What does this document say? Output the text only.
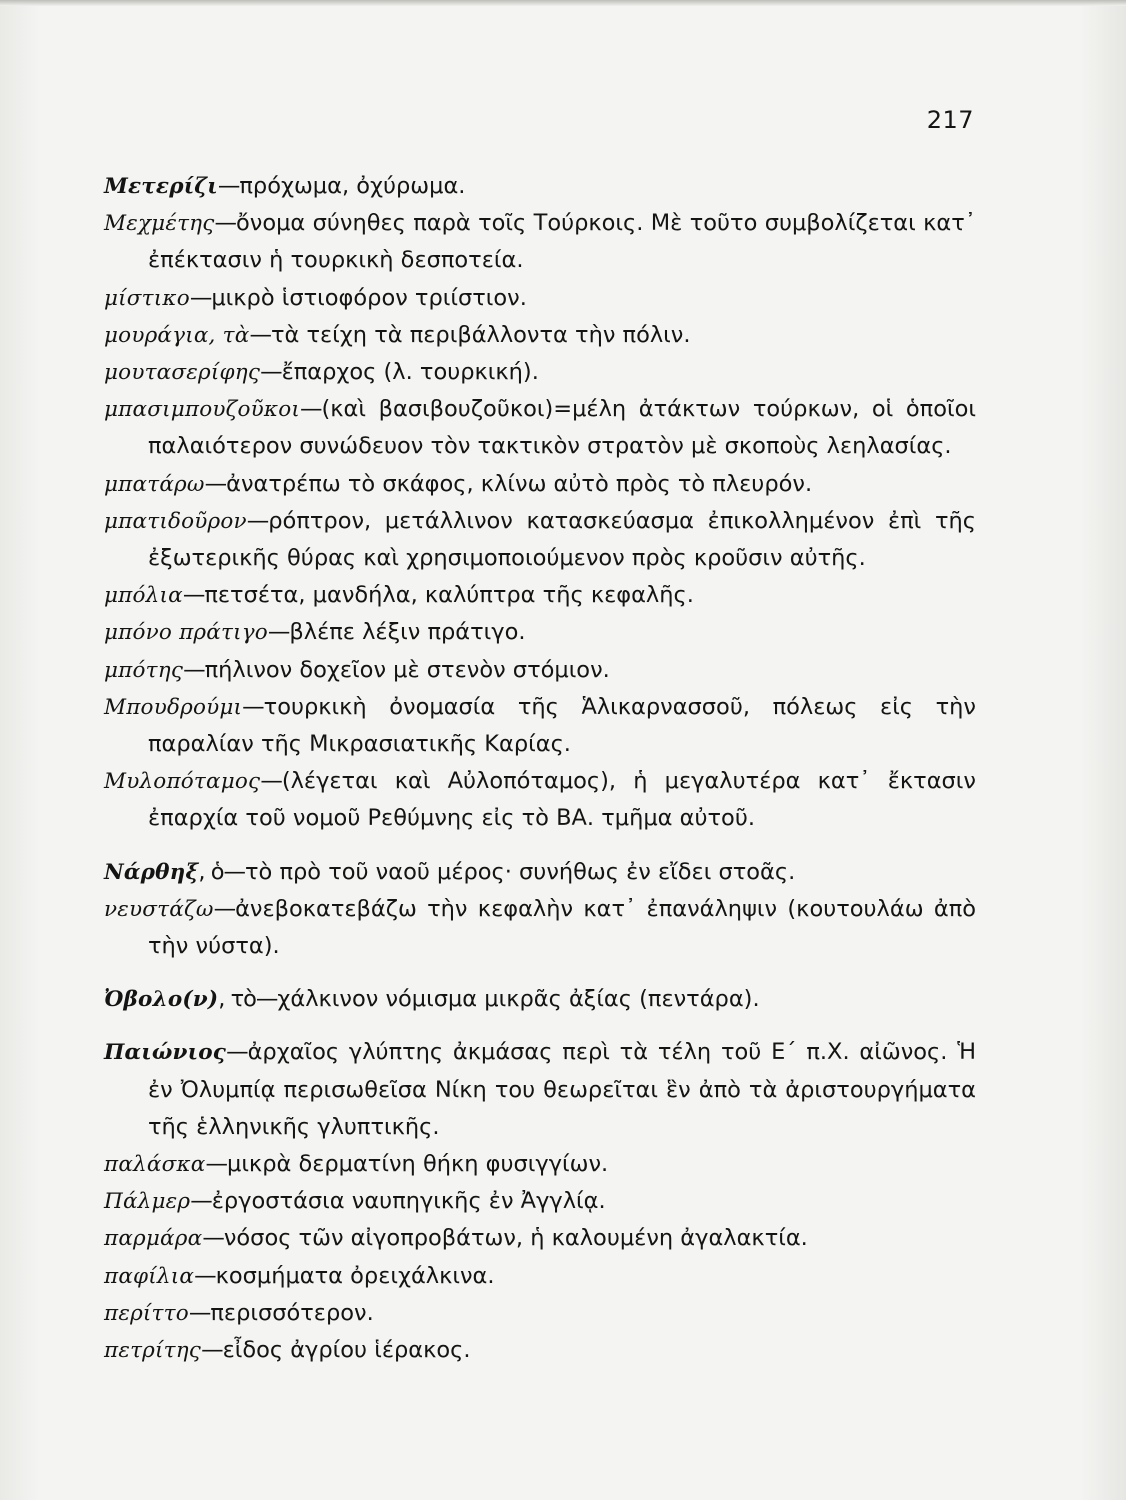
217
Μετερίζι—πρόχωμα, ὀχύρωμα.
Μεχμέτης—ὄνομα σύνηθες παρὰ τοῖς Τούρκοις. Μὲ τοῦτο συμβολίζεται κατ᾿ ἐπέκτασιν ἡ τουρκικὴ δεσποτεία.
μίστικο—μικρὸ ἱστιοφόρον τριίστιον.
μουράγια, τὰ—τὰ τείχη τὰ περιβάλλοντα τὴν πόλιν.
μουτασερίφης—ἔπαρχος (λ. τουρκική).
μπασιμπουζοῦκοι—(καὶ βασιβουζοῦκοι)=μέλη ἀτάκτων τούρκων, οἱ ὁποῖοι παλαιότερον συνώδευον τὸν τακτικὸν στρατὸν μὲ σκοποὺς λεηλασίας.
μπατάρω—ἀνατρέπω τὸ σκάφος, κλίνω αὐτὸ πρὸς τὸ πλευρόν.
μπατιδοῦρον—ρόπτρον, μετάλλινον κατασκεύασμα ἐπικολλημένον ἐπὶ τῆς ἐξωτερικῆς θύρας καὶ χρησιμοποιούμενον πρὸς κροῦσιν αὐτῆς.
μπόλια—πετσέτα, μανδήλα, καλύπτρα τῆς κεφαλῆς.
μπόνο πράτιγο—βλέπε λέξιν πράτιγο.
μπότης—πήλινον δοχεῖον μὲ στενὸν στόμιον.
Μπουδρούμι—τουρκικὴ ὀνομασία τῆς Ἁλικαρνασσοῦ, πόλεως εἰς τὴν παραλίαν τῆς Μικρασιατικῆς Καρίας.
Μυλοπόταμος—(λέγεται καὶ Αὐλοπόταμος), ἡ μεγαλυτέρα κατ᾿ ἔκτασιν ἐπαρχία τοῦ νομοῦ Ρεθύμνης εἰς τὸ ΒΑ. τμῆμα αὐτοῦ.
Νάρθηξ, ὁ—τὸ πρὸ τοῦ ναοῦ μέρος· συνήθως ἐν εἴδει στοᾶς.
νευστάζω—ἀνεβοκατεβάζω τὴν κεφαλὴν κατ᾿ ἐπανάληψιν (κουτουλάω ἀπὸ τὴν νύστα).
Ὀβολο(ν), τὸ—χάλκινον νόμισμα μικρᾶς ἀξίας (πεντάρα).
Παιώνιος—ἀρχαῖος γλύπτης ἀκμάσας περὶ τὰ τέλη τοῦ Ε΄ π.Χ. αἰῶνος. Ἡ ἐν Ὀλυμπίᾳ περισωθεῖσα Νίκη του θεωρεῖται ἓν ἀπὸ τὰ ἀριστουργήματα τῆς ἑλληνικῆς γλυπτικῆς.
παλάσκα—μικρὰ δερματίνη θήκη φυσιγγίων.
Πάλμερ—ἐργοστάσια ναυπηγικῆς ἐν Ἀγγλίᾳ.
παρμάρα—νόσος τῶν αἰγοπροβάτων, ἡ καλουμένη ἀγαλακτία.
παφίλια—κοσμήματα ὀρειχάλκινα.
περίττο—περισσότερον.
πετρίτης—εἶδος ἀγρίου ἱέρακος.
